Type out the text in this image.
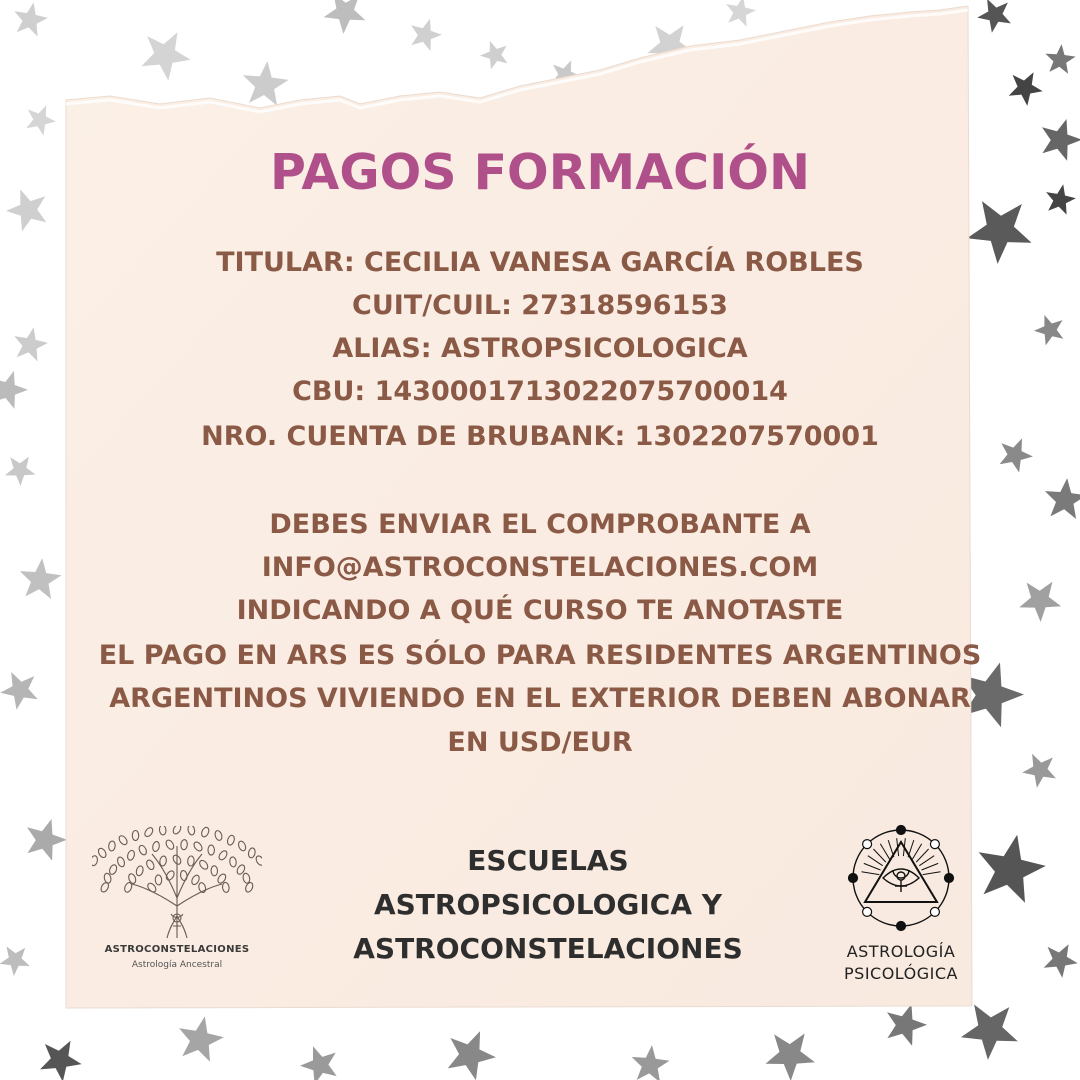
PAGOS FORMACIÓN
TITULAR: CECILIA VANESA GARCÍA ROBLES
CUIT/CUIL: 27318596153
ALIAS: ASTROPSICOLOGICA
CBU: 1430001713022075700014
NRO. CUENTA DE BRUBANK: 1302207570001
DEBES ENVIAR EL COMPROBANTE A
INFO@ASTROCONSTELACIONES.COM
INDICANDO A QUÉ CURSO TE ANOTASTE
EL PAGO EN ARS ES SÓLO PARA RESIDENTES ARGENTINOS
ARGENTINOS VIVIENDO EN EL EXTERIOR DEBEN ABONAR
EN USD/EUR
ESCUELAS
ASTROPSICOLOGICA Y
ASTROCONSTELACIONES
ASTROCONSTELACIONES
Astrología Ancestral
ASTROLOGÍA
PSICOLÓGICA
